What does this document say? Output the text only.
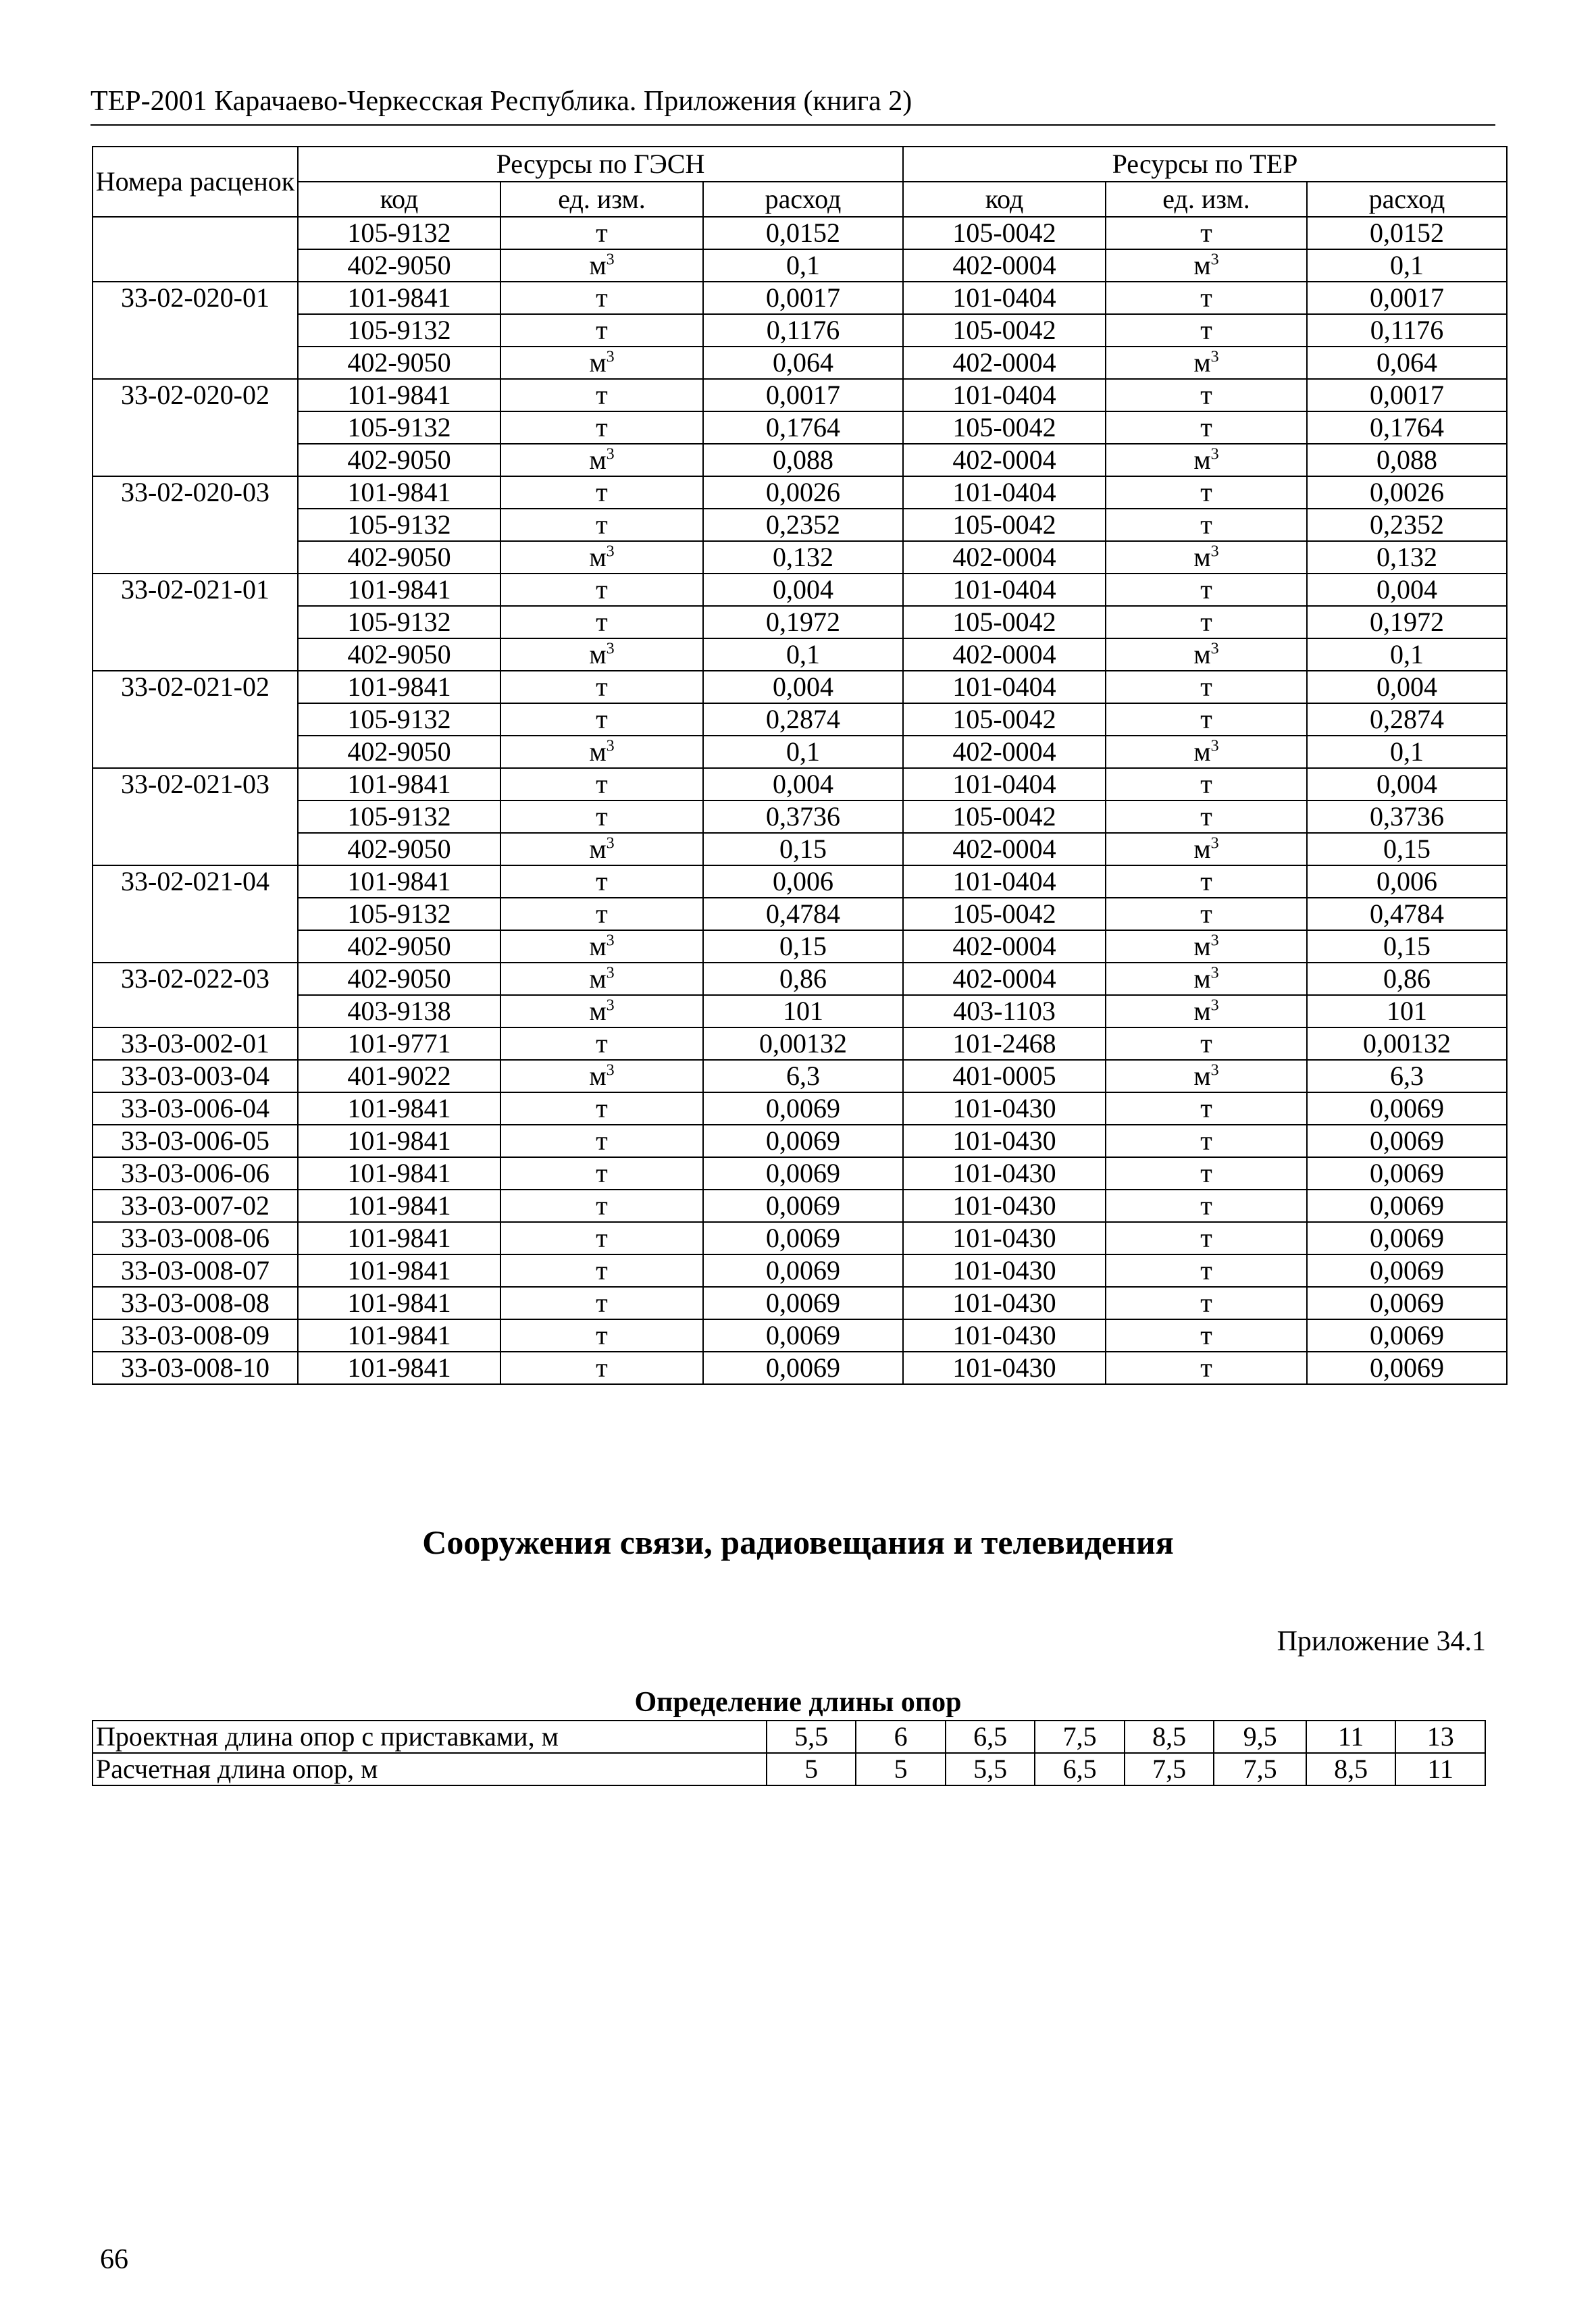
ТЕР-2001 Карачаево-Черкесская Республика. Приложения (книга 2)
Номера расценок	Ресурсы по ГЭСН			Ресурсы по ТЕР		
	код	ед. изм.	расход	код	ед. изм.	расход
	105-9132	т	0,0152	105-0042	т	0,0152
	402-9050	$м^3$	0,1	402-0004	$м^3$	0,1
33-02-020-01	101-9841	т	0,0017	101-0404	т	0,0017
	105-9132	т	0,1176	105-0042	т	0,1176
	402-9050	$м^3$	0,064	402-0004	$м^3$	0,064
33-02-020-02	101-9841	т	0,0017	101-0404	т	0,0017
	105-9132	т	0,1764	105-0042	т	0,1764
	402-9050	$м^3$	0,088	402-0004	$м^3$	0,088
33-02-020-03	101-9841	т	0,0026	101-0404	т	0,0026
	105-9132	т	0,2352	105-0042	т	0,2352
	402-9050	$м^3$	0,132	402-0004	$м^3$	0,132
33-02-021-01	101-9841	т	0,004	101-0404	т	0,004
	105-9132	т	0,1972	105-0042	т	0,1972
	402-9050	$м^3$	0,1	402-0004	$м^3$	0,1
33-02-021-02	101-9841	т	0,004	101-0404	т	0,004
	105-9132	т	0,2874	105-0042	т	0,2874
	402-9050	$м^3$	0,1	402-0004	$м^3$	0,1
33-02-021-03	101-9841	т	0,004	101-0404	т	0,004
	105-9132	т	0,3736	105-0042	т	0,3736
	402-9050	$м^3$	0,15	402-0004	$м^3$	0,15
33-02-021-04	101-9841	т	0,006	101-0404	т	0,006
	105-9132	т	0,4784	105-0042	т	0,4784
	402-9050	$м^3$	0,15	402-0004	$м^3$	0,15
33-02-022-03	402-9050	$м^3$	0,86	402-0004	$м^3$	0,86
	403-9138	$м^3$	101	403-1103	$м^3$	101
33-03-002-01	101-9771	т	0,00132	101-2468	т	0,00132
33-03-003-04	401-9022	$м^3$	6,3	401-0005	$м^3$	6,3
33-03-006-04	101-9841	т	0,0069	101-0430	т	0,0069
33-03-006-05	101-9841	т	0,0069	101-0430	т	0,0069
33-03-006-06	101-9841	т	0,0069	101-0430	т	0,0069
33-03-007-02	101-9841	т	0,0069	101-0430	т	0,0069
33-03-008-06	101-9841	т	0,0069	101-0430	т	0,0069
33-03-008-07	101-9841	т	0,0069	101-0430	т	0,0069
33-03-008-08	101-9841	т	0,0069	101-0430	т	0,0069
33-03-008-09	101-9841	т	0,0069	101-0430	т	0,0069
33-03-008-10	101-9841	т	0,0069	101-0430	т	0,0069
Сооружения связи, радиовещания и телевидения
Приложение 34.1
Определение длины опор
Проектная длина опор с приставками, м	5,5	6	6,5	7,5	8,5	9,5	11	13
Расчетная длина опор, м	5	5	5,5	6,5	7,5	7,5	8,5	11
66
